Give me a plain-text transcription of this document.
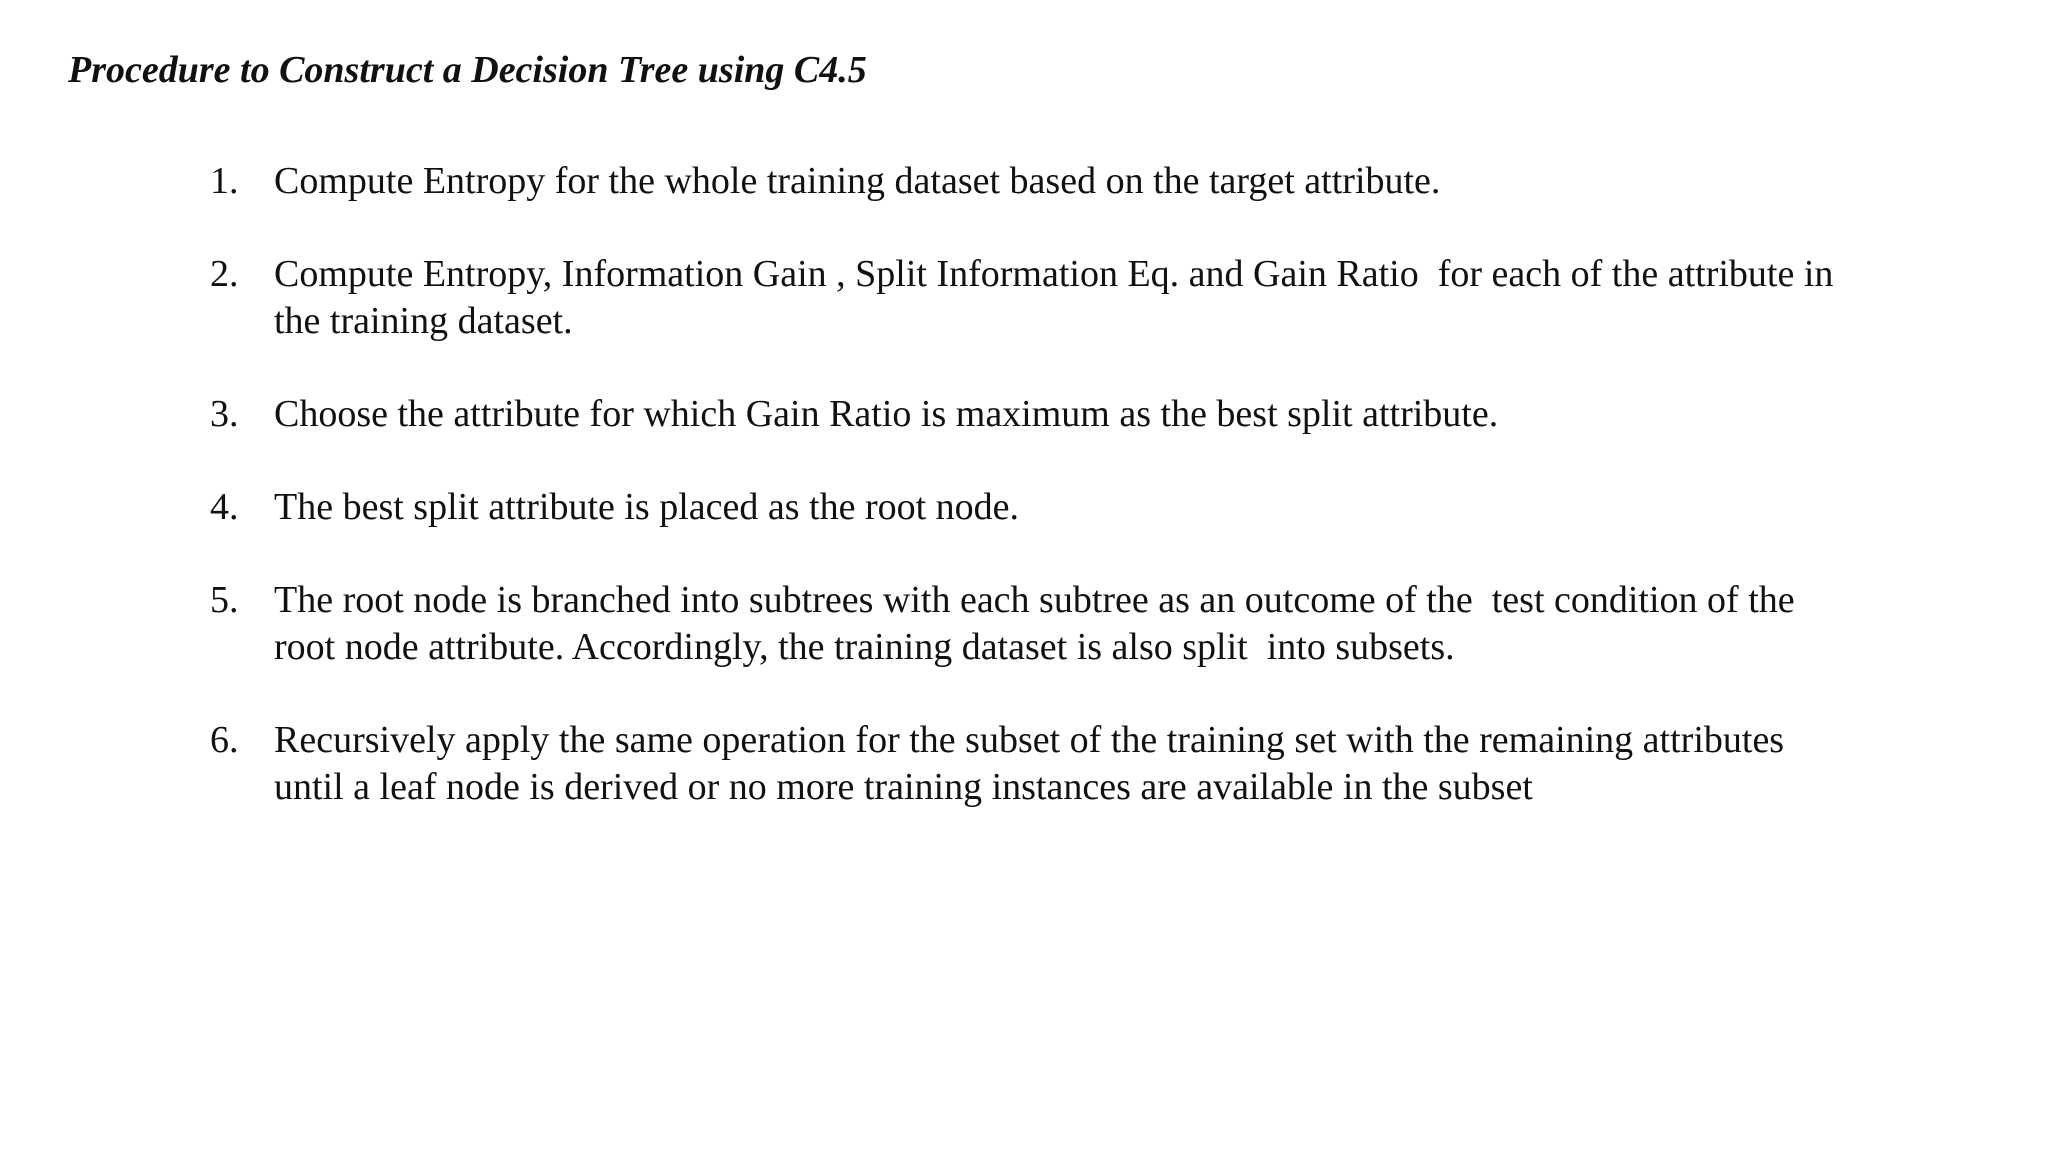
Procedure to Construct a Decision Tree using C4.5
1. Compute Entropy for the whole training dataset based on the target attribute.
2. Compute Entropy, Information Gain , Split Information Eq. and Gain Ratio  for each of the attribute in the training dataset.
3. Choose the attribute for which Gain Ratio is maximum as the best split attribute.
4. The best split attribute is placed as the root node.
5. The root node is branched into subtrees with each subtree as an outcome of the  test condition of the root node attribute. Accordingly, the training dataset is also split  into subsets.
6. Recursively apply the same operation for the subset of the training set with the remaining attributes until a leaf node is derived or no more training instances are available in the subset
